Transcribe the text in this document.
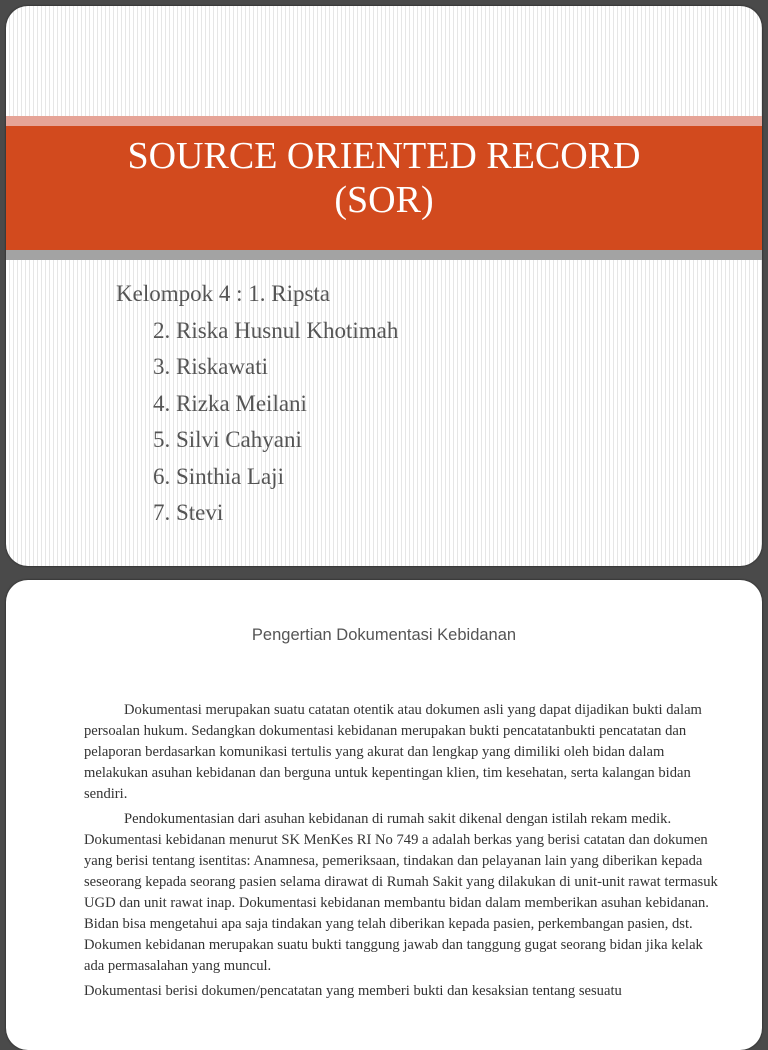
SOURCE ORIENTED RECORD
(SOR)
Kelompok 4 : 1. Ripsta
2. Riska Husnul Khotimah
3. Riskawati
4. Rizka Meilani
5. Silvi Cahyani
6. Sinthia Laji
7. Stevi
Pengertian Dokumentasi Kebidanan

Dokumentasi merupakan suatu catatan otentik atau dokumen asli yang dapat dijadikan bukti dalam persoalan hukum. Sedangkan dokumentasi kebidanan merupakan bukti pencatatanbukti pencatatan dan pelaporan berdasarkan komunikasi tertulis yang akurat dan lengkap yang dimiliki oleh bidan dalam melakukan asuhan kebidanan dan berguna untuk kepentingan klien, tim kesehatan, serta kalangan bidan sendiri.

Pendokumentasian dari asuhan kebidanan di rumah sakit dikenal dengan istilah rekam medik. Dokumentasi kebidanan menurut SK MenKes RI No 749 a adalah berkas yang berisi catatan dan dokumen yang berisi tentang isentitas: Anamnesa, pemeriksaan, tindakan dan pelayanan lain yang diberikan kepada seseorang kepada seorang pasien selama dirawat di Rumah Sakit yang dilakukan di unit-unit rawat termasuk UGD dan unit rawat inap. Dokumentasi kebidanan membantu bidan dalam memberikan asuhan kebidanan. Bidan bisa mengetahui apa saja tindakan yang telah diberikan kepada pasien, perkembangan pasien, dst. Dokumen kebidanan merupakan suatu bukti tanggung jawab dan tanggung gugat seorang bidan jika kelak ada permasalahan yang muncul.

Dokumentasi berisi dokumen/pencatatan yang memberi bukti dan kesaksian tentang sesuatu
